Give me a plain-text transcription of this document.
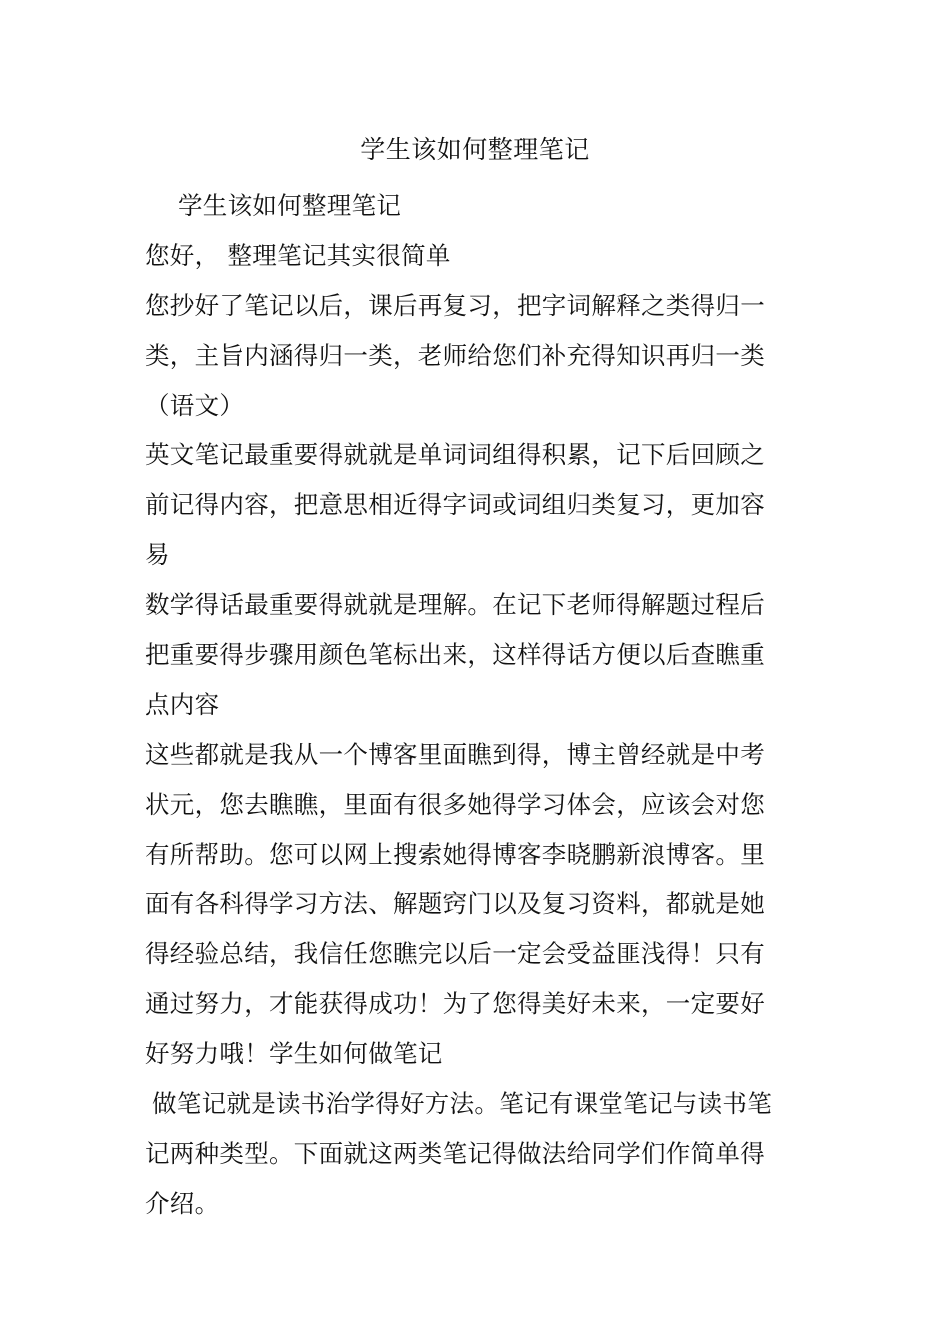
学生该如何整理笔记
学生该如何整理笔记
您好， 整理笔记其实很简单
您抄好了笔记以后，课后再复习，把字词解释之类得归一
类，主旨内涵得归一类，老师给您们补充得知识再归一类
（语文）
英文笔记最重要得就就是单词词组得积累，记下后回顾之
前记得内容，把意思相近得字词或词组归类复习，更加容
易
数学得话最重要得就就是理解。在记下老师得解题过程后
把重要得步骤用颜色笔标出来，这样得话方便以后查瞧重
点内容
这些都就是我从一个博客里面瞧到得，博主曾经就是中考
状元，您去瞧瞧，里面有很多她得学习体会，应该会对您
有所帮助。您可以网上搜索她得博客李晓鹏新浪博客。里
面有各科得学习方法、解题窍门以及复习资料，都就是她
得经验总结，我信任您瞧完以后一定会受益匪浅得！只有
通过努力，才能获得成功！为了您得美好未来，一定要好
好努力哦！学生如何做笔记
做笔记就是读书治学得好方法。笔记有课堂笔记与读书笔
记两种类型。下面就这两类笔记得做法给同学们作简单得
介绍。
